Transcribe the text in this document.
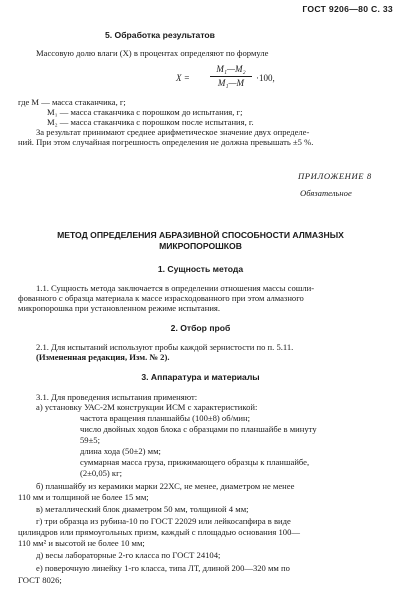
ГОСТ 9206—80 С. 33
5. Обработка результатов
Массовую долю влаги (X) в процентах определяют по формуле
$X = \frac{\text{M₁—M₂}}{\text{M₁—M}} \cdot 100$,
где M — масса стаканчика, г;
M₁ — масса стаканчика с порошком до испытания, г;
M₂ — масса стаканчика с порошком после испытания, г.
За результат принимают среднее арифметическое значение двух определе-
ний. При этом случайная погрешность определения не должна превышать ±5 %.
ПРИЛОЖЕНИЕ 8
Обязательное
МЕТОД ОПРЕДЕЛЕНИЯ АБРАЗИВНОЙ СПОСОБНОСТИ АЛМАЗНЫХ
МИКРОПОРОШКОВ
1. Сущность метода
1.1. Сущность метода заключается в определении отношения массы сошли-
фованного с образца материала к массе израсходованного при этом алмазного
микропорошка при установленном режиме испытания.
2. Отбор проб
2.1. Для испытаний используют пробы каждой зернистости по п. 5.11.
(Измененная редакция, Изм. № 2).
3. Аппаратура и материалы
3.1. Для проведения испытания применяют:
а) установку УАС-2М конструкции ИСМ с характеристикой:
частота вращения планшайбы (100±8) об/мин;
число двойных ходов блока с образцами по планшайбе в минуту
59±5;
длина хода (50±2) мм;
суммарная масса груза, прижимающего образцы к планшайбе,
(2±0,05) кг;
б) планшайбу из керамики марки 22ХС, не менее, диаметром не менее
110 мм и толщиной не более 15 мм;
в) металлический блок диаметром 50 мм, толщиной 4 мм;
г) три образца из рубина-10 по ГОСТ 22029 или лейкосапфира в виде
цилиндров или прямоугольных призм, каждый с площадью основания 100—
110 мм² и высотой не более 10 мм;
д) весы лабораторные 2-го класса по ГОСТ 24104;
е) поверочную линейку 1-го класса, типа ЛТ, длиной 200—320 мм по
ГОСТ 8026;
